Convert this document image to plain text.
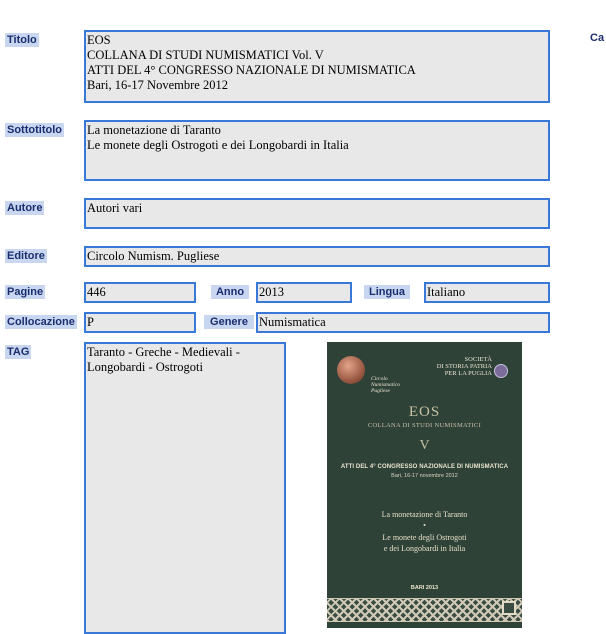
Titolo	EOS
COLLANA DI STUDI NUMISMATICI Vol. V
ATTI DEL 4° CONGRESSO NAZIONALE DI NUMISMATICA
Bari, 16-17 Novembre 2012
Ca
Sottotitolo La monetazione di Taranto
Le monete degli Ostrogoti e dei Longobardi in Italia
Autore	Autori vari
Editore	Circolo Numism. Pugliese
Pagine	446	Anno	2013	Lingua	Italiano
Collocazione P	Genere Numismatica
TAG	Taranto - Greche - Medievali -
Longobardi - Ostrogoti
Circolo
Numismatico
Pugliese
SOCIETÀ
DI STORIA PATRIA
PER LA PUGLIA
EOS
COLLANA DI STUDI NUMISMATICI
V
ATTI DEL 4° CONGRESSO NAZIONALE DI NUMISMATICA
Bari, 16-17 novembre 2012
La monetazione di Taranto
•
Le monete degli Ostrogoti
e dei Longobardi in Italia
BARI 2013
